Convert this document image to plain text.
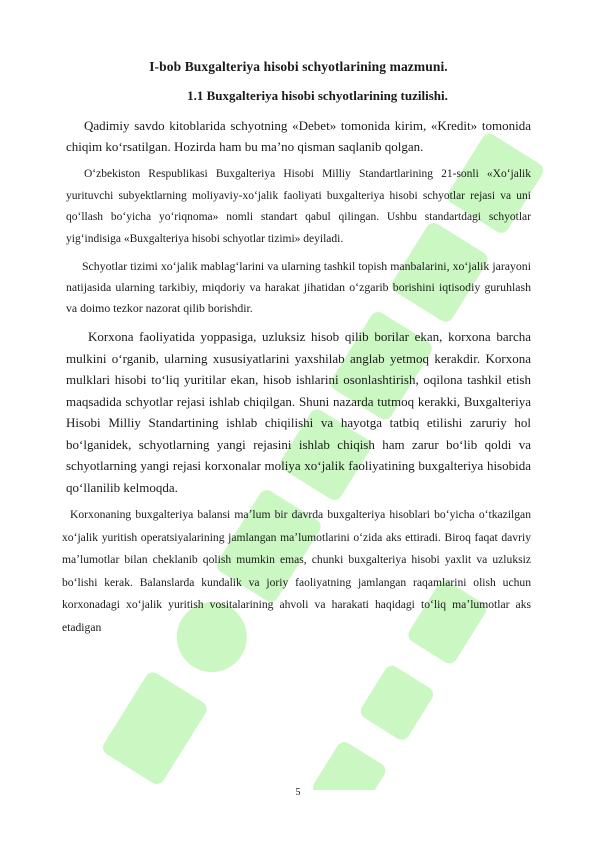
I-bob Buxgalteriya hisobi schyotlarining mazmuni.
1.1 Buxgalteriya hisobi schyotlarining tuzilishi.

Qadimiy savdo kitoblarida schyotning «Debet» tomonida kirim, «Kredit» tomonida chiqim koʻrsatilgan. Hozirda ham bu maʼno qisman saqlanib qolgan.

Oʻzbekiston Respublikasi Buxgalteriya Hisobi Milliy Standartlarining 21-sonli «Xoʻjalik yurituvchi subyektlarning moliyaviy-xoʻjalik faoliyati buxgalteriya hisobi schyotlar rejasi va uni qoʻllash boʻyicha yoʻriqnoma» nomli standart qabul qilingan. Ushbu standartdagi schyotlar yigʻindisiga «Buxgalteriya hisobi schyotlar tizimi» deyiladi.

Schyotlar tizimi xoʻjalik mablagʻlarini va ularning tashkil topish manbalarini, xoʻjalik jarayoni natijasida ularning tarkibiy, miqdoriy va harakat jihatidan oʻzgarib borishini iqtisodiy guruhlash va doimo tezkor nazorat qilib borishdir.

Korxona faoliyatida yoppasiga, uzluksiz hisob qilib borilar ekan, korxona barcha mulkini oʻrganib, ularning xususiyatlarini yaxshilab anglab yetmoq kerakdir. Korxona mulklari hisobi toʻliq yuritilar ekan, hisob ishlarini osonlashtirish, oqilona tashkil etish maqsadida schyotlar rejasi ishlab chiqilgan. Shuni nazarda tutmoq kerakki, Buxgalteriya Hisobi Milliy Standartining ishlab chiqilishi va hayotga tatbiq etilishi zaruriy hol boʻlganidek, schyotlarning yangi rejasini ishlab chiqish ham zarur boʻlib qoldi va schyotlarning yangi rejasi korxonalar moliya xoʻjalik faoliyatining buxgalteriya hisobida qoʻllanilib kelmoqda.

Korxonaning buxgalteriya balansi maʼlum bir davrda buxgalteriya hisoblari boʻyicha oʻtkazilgan xoʻjalik yuritish operatsiyalarining jamlangan maʼlumotlarini oʻzida aks ettiradi. Biroq faqat davriy maʼlumotlar bilan cheklanib qolish mumkin emas, chunki buxgalteriya hisobi yaxlit va uzluksiz boʻlishi kerak. Balanslarda kundalik va joriy faoliyatning jamlangan raqamlarini olish uchun korxonadagi xoʻjalik yuritish vositalarining ahvoli va harakati haqidagi toʻliq maʼlumotlar aks etadigan

5
